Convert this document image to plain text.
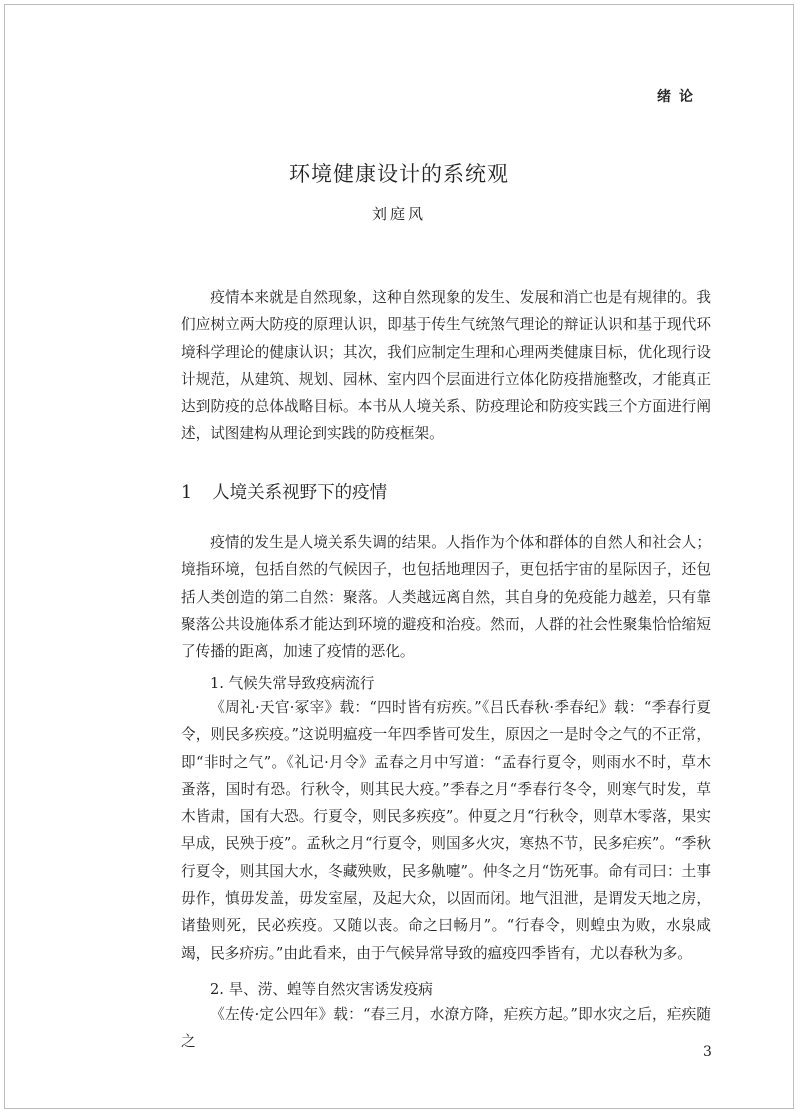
绪论
环境健康设计的系统观
刘庭风

疫情本来就是自然现象，这种自然现象的发生、发展和消亡也是有规律的。我们应树立两大防疫的原理认识，即基于传生气统煞气理论的辩证认识和基于现代环境科学理论的健康认识；其次，我们应制定生理和心理两类健康目标，优化现行设计规范，从建筑、规划、园林、室内四个层面进行立体化防疫措施整改，才能真正达到防疫的总体战略目标。本书从人境关系、防疫理论和防疫实践三个方面进行阐述，试图建构从理论到实践的防疫框架。

1 人境关系视野下的疫情

疫情的发生是人境关系失调的结果。人指作为个体和群体的自然人和社会人；境指环境，包括自然的气候因子，也包括地理因子，更包括宇宙的星际因子，还包括人类创造的第二自然：聚落。人类越远离自然，其自身的免疫能力越差，只有靠聚落公共设施体系才能达到环境的避疫和治疫。然而，人群的社会性聚集恰恰缩短了传播的距离，加速了疫情的恶化。

1. 气候失常导致疫病流行

《周礼·天官·冢宰》载：“四时皆有疠疾。”《吕氏春秋·季春纪》载：“季春行夏令，则民多疾疫。”这说明瘟疫一年四季皆可发生，原因之一是时令之气的不正常，即“非时之气”。《礼记·月令》孟春之月中写道：“孟春行夏令，则雨水不时，草木蚤落，国时有恐。行秋令，则其民大疫。”季春之月“季春行冬令，则寒气时发，草木皆肃，国有大恐。行夏令，则民多疾疫”。仲夏之月“行秋令，则草木零落，果实早成，民殃于疫”。孟秋之月“行夏令，则国多火灾，寒热不节，民多疟疾”。“季秋行夏令，则其国大水，冬藏殃败，民多鼽嚏”。仲冬之月“饬死事。命有司曰：土事毋作，慎毋发盖，毋发室屋，及起大众，以固而闭。地气沮泄，是谓发天地之房，诸蛰则死，民必疾疫。又随以丧。命之曰畅月”。“行春令，则蝗虫为败，水泉咸竭，民多疥疠。”由此看来，由于气候异常导致的瘟疫四季皆有，尤以春秋为多。

2. 旱、涝、蝗等自然灾害诱发疫病

《左传·定公四年》载：“春三月，水潦方降，疟疾方起。”即水灾之后，疟疾随之

3
